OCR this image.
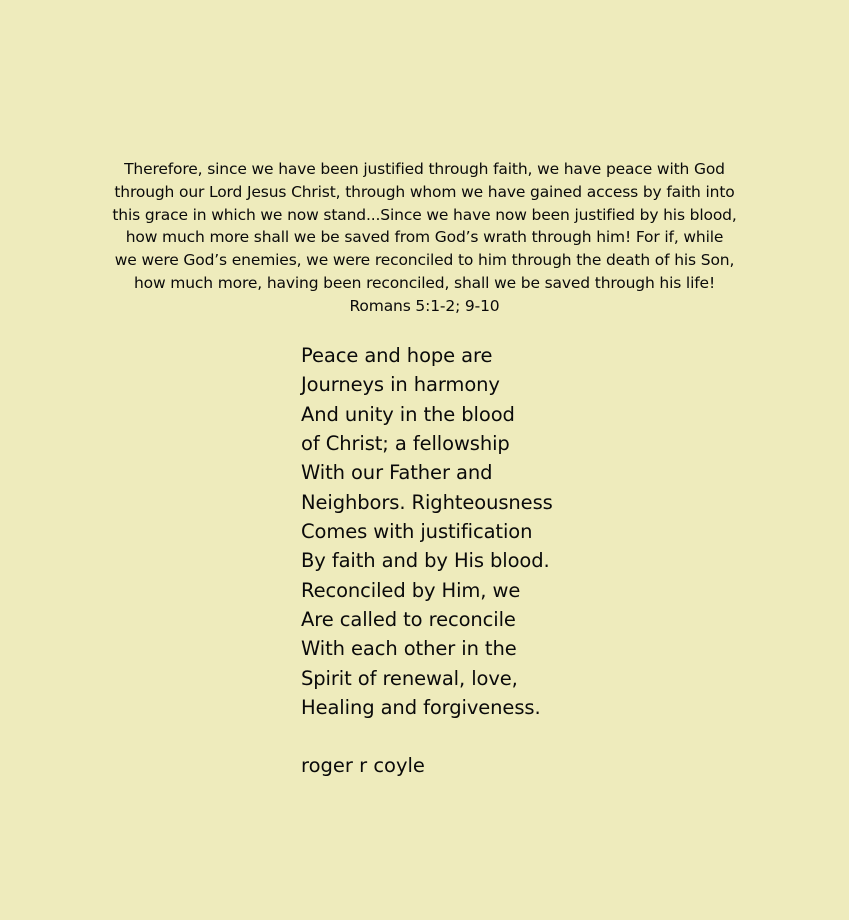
Therefore, since we have been justified through faith, we have peace with God
through our Lord Jesus Christ, through whom we have gained access by faith into
this grace in which we now stand...Since we have now been justified by his blood,
how much more shall we be saved from God’s wrath through him! For if, while
we were God’s enemies, we were reconciled to him through the death of his Son,
how much more, having been reconciled, shall we be saved through his life!
Romans 5:1-2; 9-10
Peace and hope are
Journeys in harmony
And unity in the blood
of Christ; a fellowship
With our Father and
Neighbors. Righteousness
Comes with justification
By faith and by His blood.
Reconciled by Him, we
Are called to reconcile
With each other in the
Spirit of renewal, love,
Healing and forgiveness.
roger r coyle
